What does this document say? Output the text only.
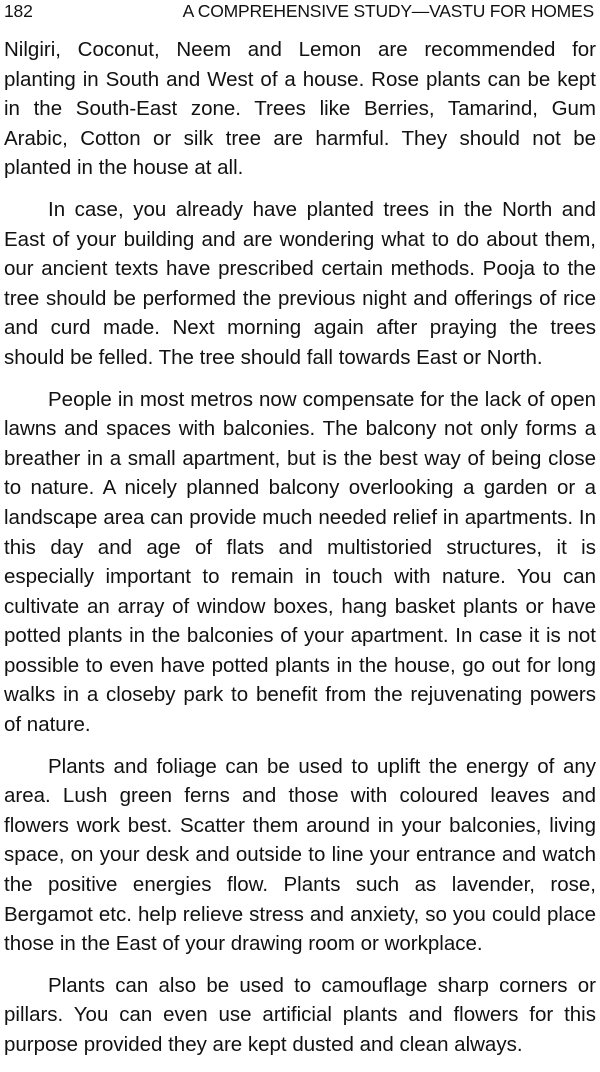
182	A COMPREHENSIVE STUDY—VASTU FOR HOMES

Nilgiri, Coconut, Neem and Lemon are recommended for planting in South and West of a house. Rose plants can be kept in the South-East zone. Trees like Berries, Tamarind, Gum Arabic, Cotton or silk tree are harmful. They should not be planted in the house at all.

In case, you already have planted trees in the North and East of your building and are wondering what to do about them, our ancient texts have prescribed certain methods. Pooja to the tree should be performed the previous night and offerings of rice and curd made. Next morning again after praying the trees should be felled. The tree should fall towards East or North.

People in most metros now compensate for the lack of open lawns and spaces with balconies. The balcony not only forms a breather in a small apartment, but is the best way of being close to nature. A nicely planned balcony overlooking a garden or a landscape area can provide much needed relief in apartments. In this day and age of flats and multistoried structures, it is especially important to remain in touch with nature. You can cultivate an array of window boxes, hang basket plants or have potted plants in the balconies of your apartment. In case it is not possible to even have potted plants in the house, go out for long walks in a closeby park to benefit from the rejuvenating powers of nature.

Plants and foliage can be used to uplift the energy of any area. Lush green ferns and those with coloured leaves and flowers work best. Scatter them around in your balconies, living space, on your desk and outside to line your entrance and watch the positive energies flow. Plants such as lavender, rose, Bergamot etc. help relieve stress and anxiety, so you could place those in the East of your drawing room or workplace.

Plants can also be used to camouflage sharp corners or pillars. You can even use artificial plants and flowers for this purpose provided they are kept dusted and clean always.
